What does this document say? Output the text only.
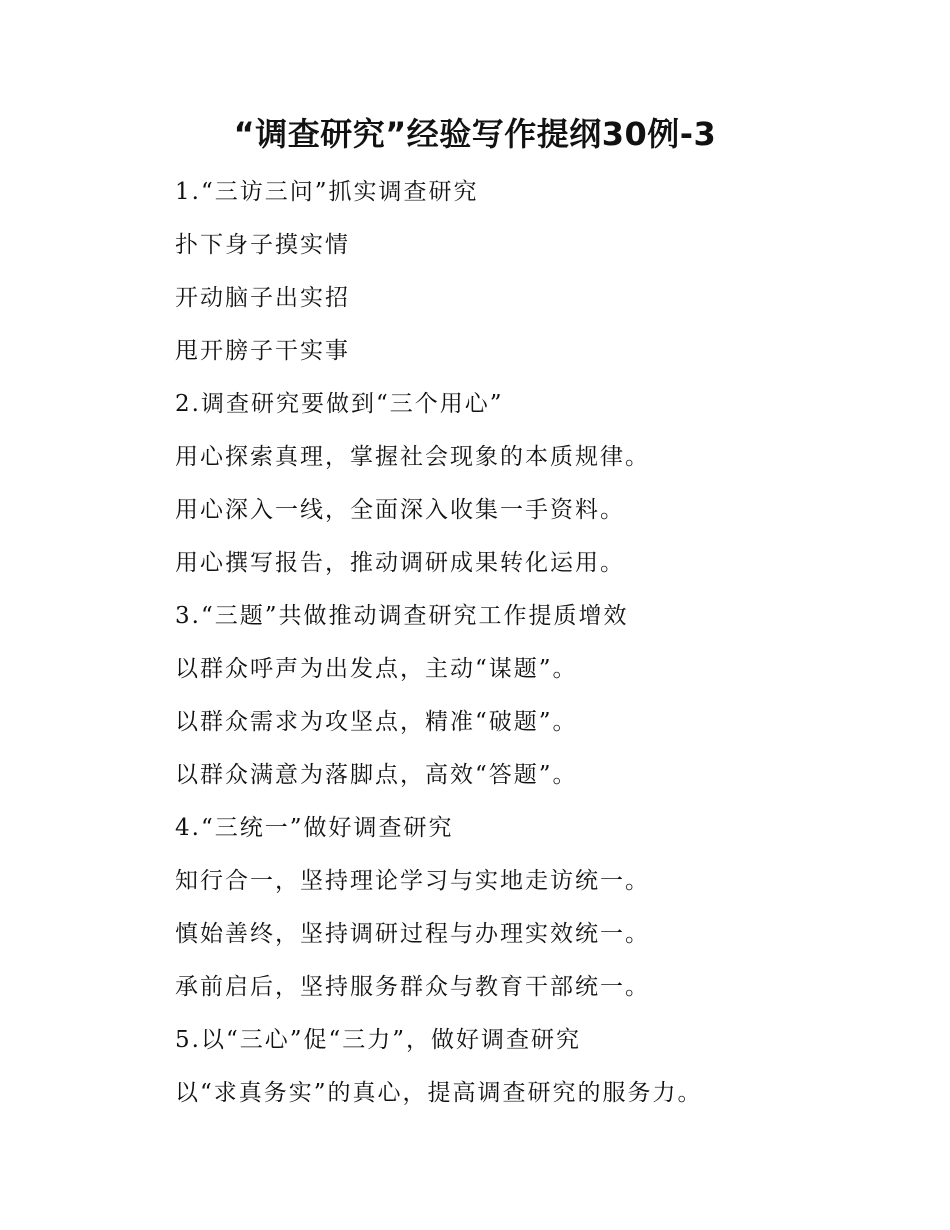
“调查研究”经验写作提纲30例-3

1.“三访三问”抓实调查研究

扑下身子摸实情

开动脑子出实招

甩开膀子干实事

2.调查研究要做到“三个用心”

用心探索真理，掌握社会现象的本质规律。

用心深入一线，全面深入收集一手资料。

用心撰写报告，推动调研成果转化运用。

3.“三题”共做推动调查研究工作提质增效

以群众呼声为出发点，主动“谋题”。

以群众需求为攻坚点，精准“破题”。

以群众满意为落脚点，高效“答题”。

4.“三统一”做好调查研究

知行合一，坚持理论学习与实地走访统一。

慎始善终，坚持调研过程与办理实效统一。

承前启后，坚持服务群众与教育干部统一。

5.以“三心”促“三力”，做好调查研究

以“求真务实”的真心，提高调查研究的服务力。
